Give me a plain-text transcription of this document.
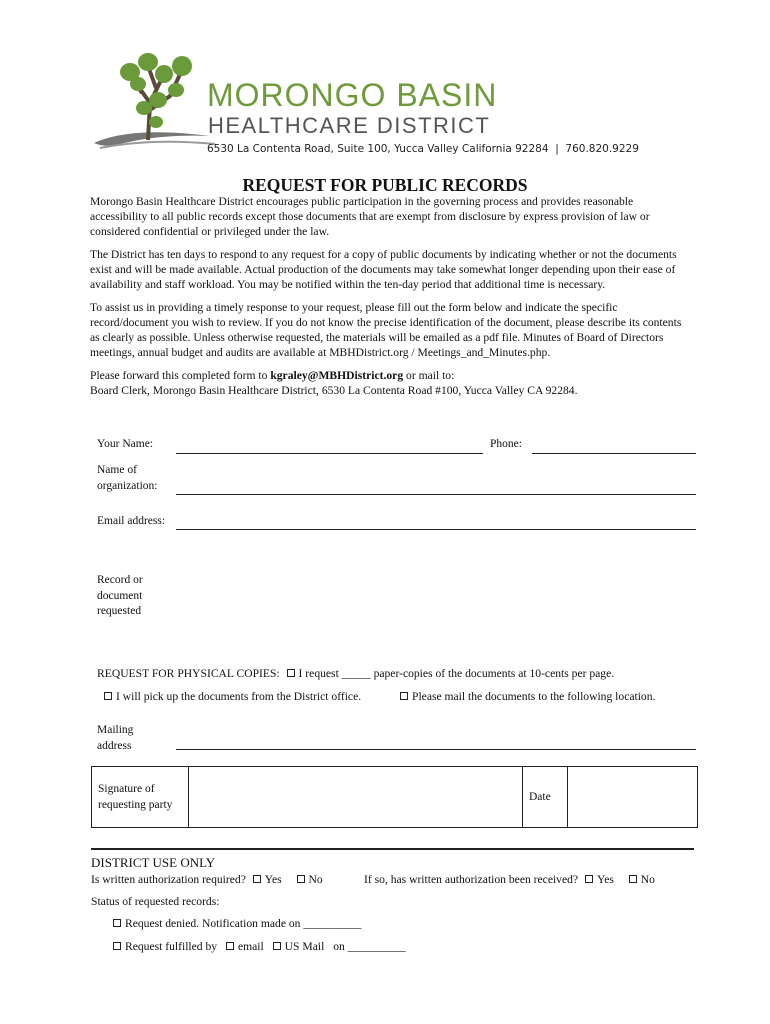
MORONGO BASIN
HEALTHCARE DISTRICT
6530 La Contenta Road, Suite 100, Yucca Valley California 92284  |  760.820.9229
REQUEST FOR PUBLIC RECORDS

Morongo Basin Healthcare District encourages public participation in the governing process and provides reasonable accessibility to all public records except those documents that are exempt from disclosure by express provision of law or considered confidential or privileged under the law.

The District has ten days to respond to any request for a copy of public documents by indicating whether or not the documents exist and will be made available. Actual production of the documents may take somewhat longer depending upon their ease of availability and staff workload. You may be notified within the ten-day period that additional time is necessary.

To assist us in providing a timely response to your request, please fill out the form below and indicate the specific record/document you wish to review. If you do not know the precise identification of the document, please describe its contents as clearly as possible. Unless otherwise requested, the materials will be emailed as a pdf file. Minutes of Board of Directors meetings, annual budget and audits are available at MBHDistrict.org / Meetings_and_Minutes.php.

Please forward this completed form to kgraley@MBHDistrict.org or mail to:
Board Clerk, Morongo Basin Healthcare District, 6530 La Contenta Road #100, Yucca Valley CA 92284.
Your Name:	Phone:
Name of
organization:
Email address:
Record or
document
requested
REQUEST FOR PHYSICAL COPIES: I request _____ paper-copies of the documents at 10-cents per page.
I will pick up the documents from the District office.	Please mail the documents to the following location.
Mailing
address
Signature of
requesting party
Date
DISTRICT USE ONLY
Is written authorization required? Yes No	If so, has written authorization been received? Yes No
Status of requested records:
Request denied. Notification made on __________
Request fulfilled by email US Mail on __________
